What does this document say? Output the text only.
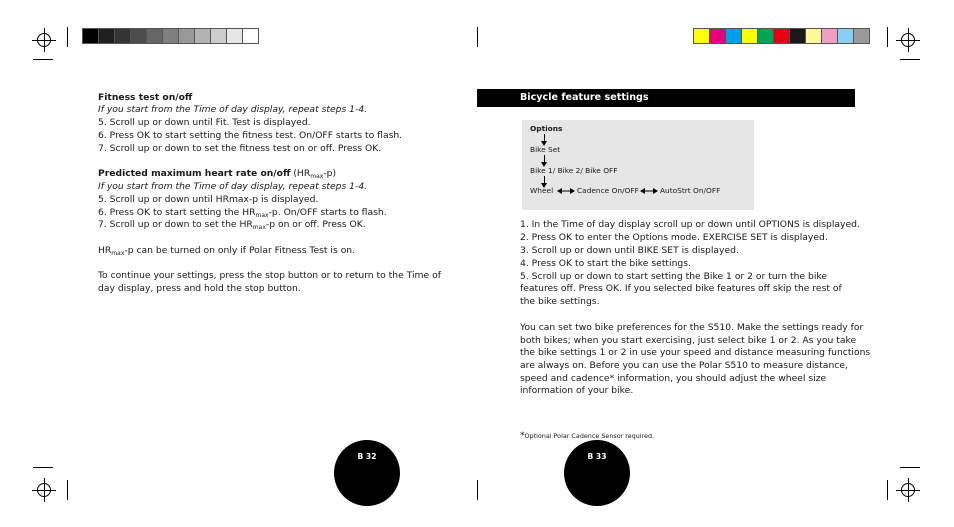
Fitness test on/off
If you start from the Time of day display, repeat steps 1-4.
5. Scroll up or down until Fit. Test is displayed.
6. Press OK to start setting the fitness test. On/OFF starts to flash.
7. Scroll up or down to set the fitness test on or off. Press OK.
Predicted maximum heart rate on/off $(HR_{max}-p)$
If you start from the Time of day display, repeat steps 1-4.
5. Scroll up or down until HRmax-p is displayed.
6. Press OK to start setting the $HR_{max}-p$. On/OFF starts to flash.
7. Scroll up or down to set the $HR_{max}-p$ on or off. Press OK.
$HR_{max}-p$ can be turned on only if Polar Fitness Test is on.
To continue your settings, press the stop button or to return to the Time of
day display, press and hold the stop button.
B 32
Bicycle feature settings
Options
Bike Set
Bike 1/ Bike 2/ Bike OFF
Wheel	Cadence On/OFF	AutoStrt On/OFF
1. In the Time of day display scroll up or down until OPTIONS is displayed.
2. Press OK to enter the Options mode. EXERCISE SET is displayed.
3. Scroll up or down until BIKE SET is displayed.
4. Press OK to start the bike settings.
5. Scroll up or down to start setting the Bike 1 or 2 or turn the bike
features off. Press OK. If you selected bike features off skip the rest of
the bike settings.
You can set two bike preferences for the S510. Make the settings ready for
both bikes; when you start exercising, just select bike 1 or 2. As you take
the bike settings 1 or 2 in use your speed and distance measuring functions
are always on. Before you can use the Polar S510 to measure distance,
speed and cadence* information, you should adjust the wheel size
information of your bike.
*Optional Polar Cadence Sensor required.
B 33
